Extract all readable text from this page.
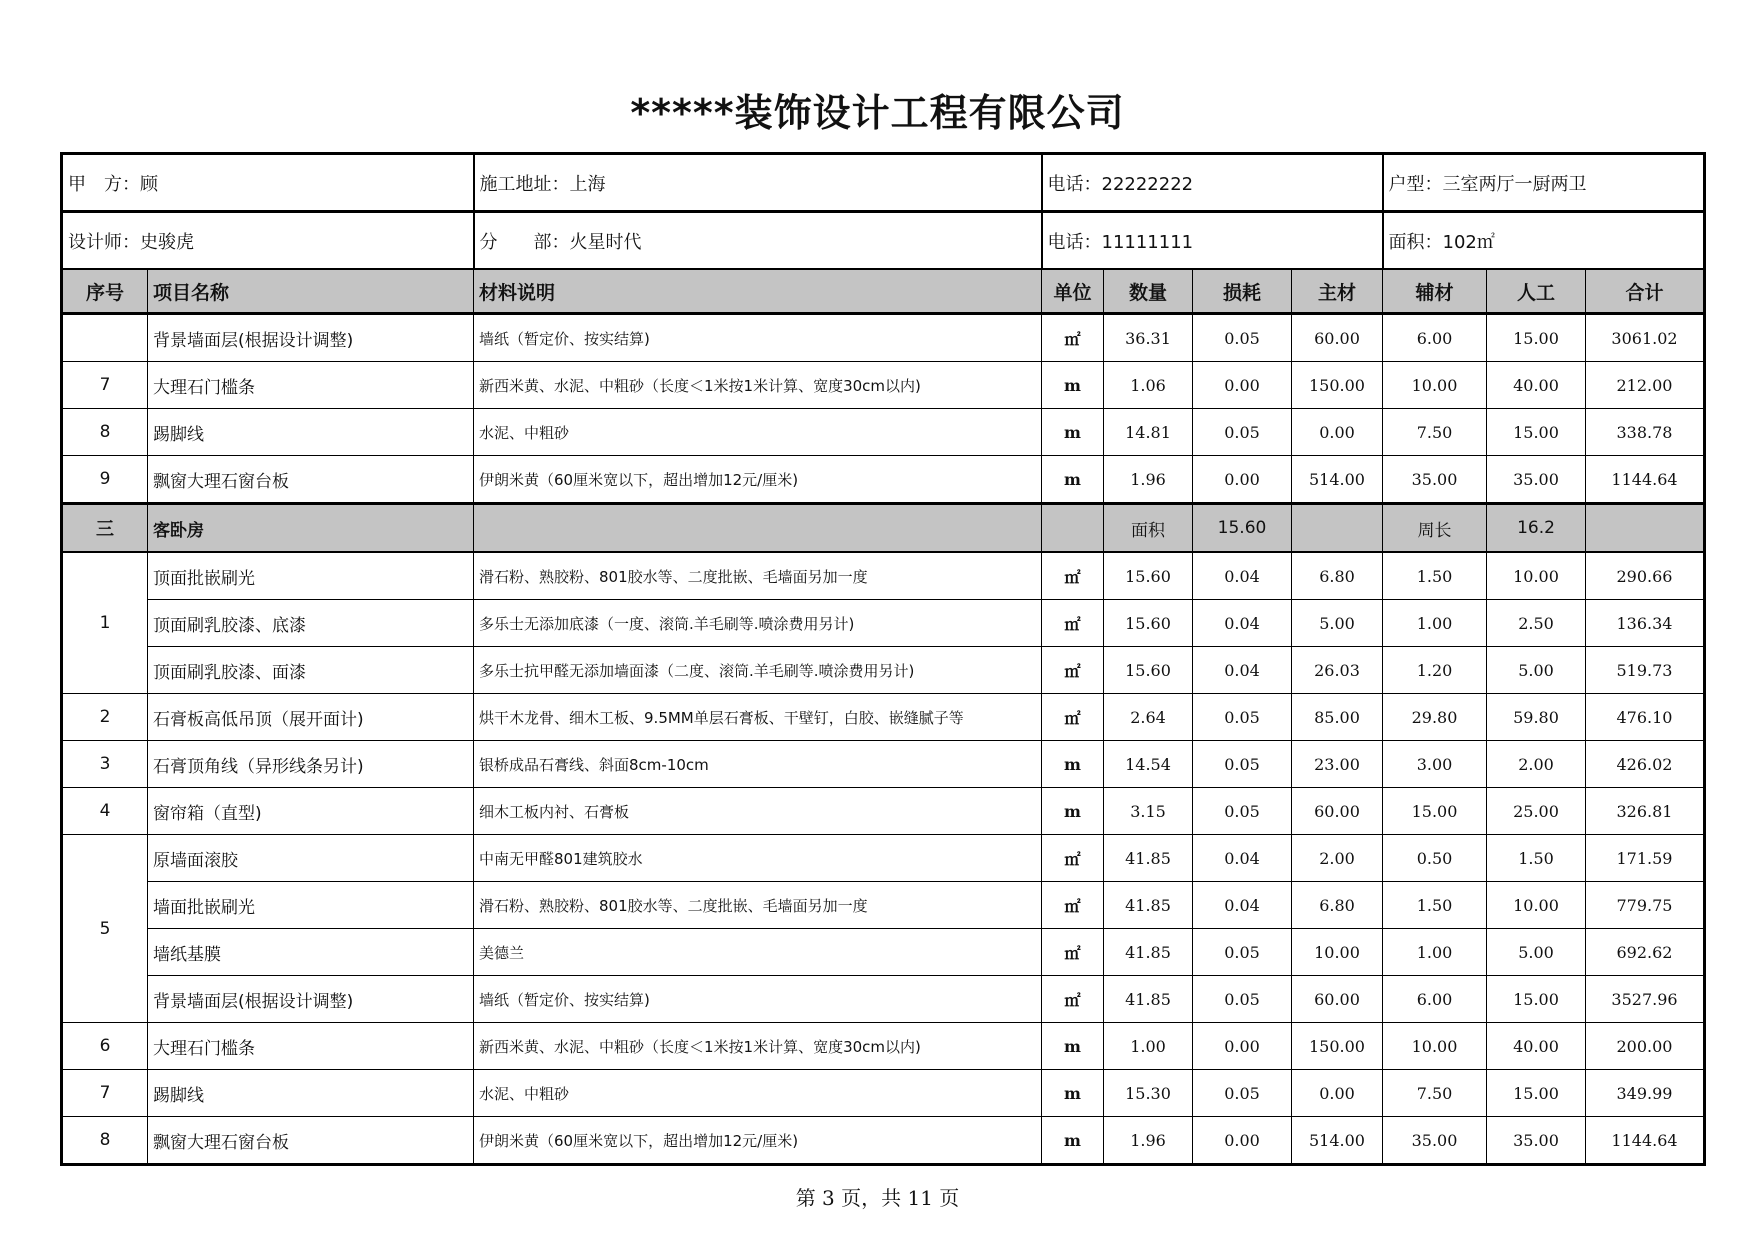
*****装饰设计工程有限公司
甲　方：顾		施工地址：上海	电话：22222222				户型：三室两厅一厨两卫		
设计师：史骏虎		分　　部：火星时代	电话：11111111				面积：102㎡		
序号	项目名称	材料说明	单位	数量	损耗	主材	辅材	人工	合计
	背景墙面层(根据设计调整)	墙纸（暂定价、按实结算)	㎡	36.31	0.05	60.00	6.00	15.00	3061.02
7	大理石门槛条	新西米黄、水泥、中粗砂（长度＜1米按1米计算、宽度30cm以内)	m	1.06	0.00	150.00	10.00	40.00	212.00
8	踢脚线	水泥、中粗砂	m	14.81	0.05	0.00	7.50	15.00	338.78
9	飘窗大理石窗台板	伊朗米黄（60厘米宽以下，超出增加12元/厘米)	m	1.96	0.00	514.00	35.00	35.00	1144.64
三	客卧房			面积	15.60		周长	16.2	
1	顶面批嵌刷光	滑石粉、熟胶粉、801胶水等、二度批嵌、毛墙面另加一度	㎡	15.60	0.04	6.80	1.50	10.00	290.66
	顶面刷乳胶漆、底漆	多乐士无添加底漆（一度、滚筒.羊毛刷等.喷涂费用另计)	㎡	15.60	0.04	5.00	1.00	2.50	136.34
	顶面刷乳胶漆、面漆	多乐士抗甲醛无添加墙面漆（二度、滚筒.羊毛刷等.喷涂费用另计)	㎡	15.60	0.04	26.03	1.20	5.00	519.73
2	石膏板高低吊顶（展开面计)	烘干木龙骨、细木工板、9.5MM单层石膏板、干壁钉，白胶、嵌缝腻子等	㎡	2.64	0.05	85.00	29.80	59.80	476.10
3	石膏顶角线（异形线条另计)	银桥成品石膏线、斜面8cm-10cm	m	14.54	0.05	23.00	3.00	2.00	426.02
4	窗帘箱（直型)	细木工板内衬、石膏板	m	3.15	0.05	60.00	15.00	25.00	326.81
5	原墙面滚胶	中南无甲醛801建筑胶水	㎡	41.85	0.04	2.00	0.50	1.50	171.59
	墙面批嵌刷光	滑石粉、熟胶粉、801胶水等、二度批嵌、毛墙面另加一度	㎡	41.85	0.04	6.80	1.50	10.00	779.75
	墙纸基膜	美德兰	㎡	41.85	0.05	10.00	1.00	5.00	692.62
	背景墙面层(根据设计调整)	墙纸（暂定价、按实结算)	㎡	41.85	0.05	60.00	6.00	15.00	3527.96
6	大理石门槛条	新西米黄、水泥、中粗砂（长度＜1米按1米计算、宽度30cm以内)	m	1.00	0.00	150.00	10.00	40.00	200.00
7	踢脚线	水泥、中粗砂	m	15.30	0.05	0.00	7.50	15.00	349.99
8	飘窗大理石窗台板	伊朗米黄（60厘米宽以下，超出增加12元/厘米)	m	1.96	0.00	514.00	35.00	35.00	1144.64
第 3 页，共 11 页
